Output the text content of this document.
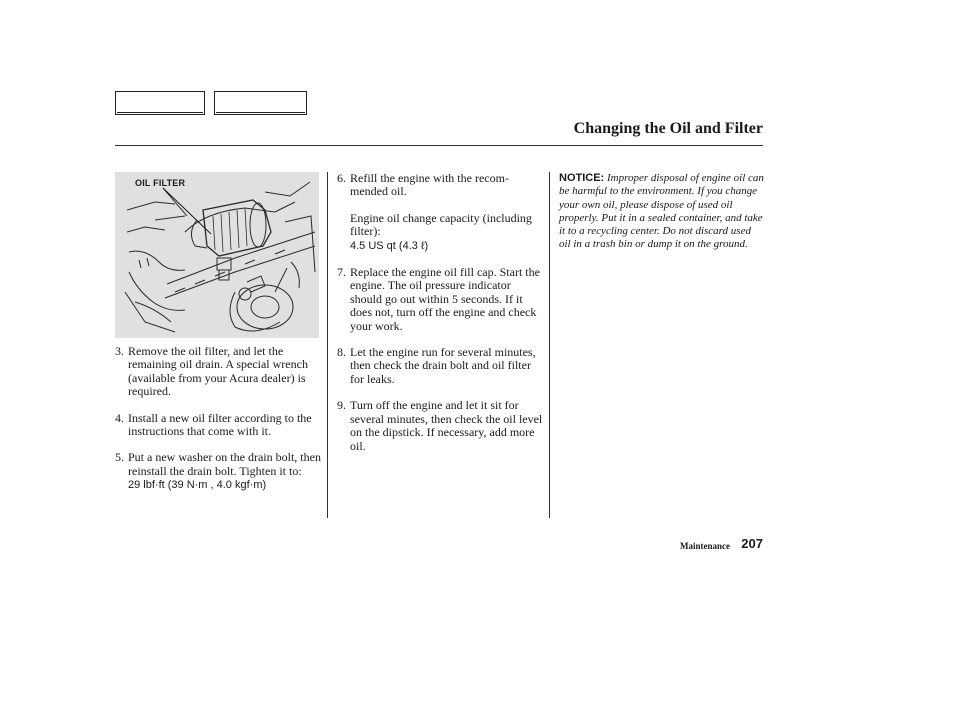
Changing the Oil and Filter
OIL FILTER
3. Remove the oil filter, and let the remaining oil drain. A special wrench (available from your Acura dealer) is required.
4. Install a new oil filter according to the instructions that come with it.
5. Put a new washer on the drain bolt, then reinstall the drain bolt. Tighten it to:
29 lbf·ft (39 N·m , 4.0 kgf·m)
6. Refill the engine with the recom-mended oil.
Engine oil change capacity (including filter):
4.5 US qt (4.3 ℓ)
7. Replace the engine oil fill cap. Start the engine. The oil pressure indicator should go out within 5 seconds. If it does not, turn off the engine and check your work.
8. Let the engine run for several minutes, then check the drain bolt and oil filter for leaks.
9. Turn off the engine and let it sit for several minutes, then check the oil level on the dipstick. If necessary, add more oil.
NOTICE: Improper disposal of engine oil can be harmful to the environment. If you change your own oil, please dispose of used oil properly. Put it in a sealed container, and take it to a recycling center. Do not discard used oil in a trash bin or dump it on the ground.
Maintenance 207
